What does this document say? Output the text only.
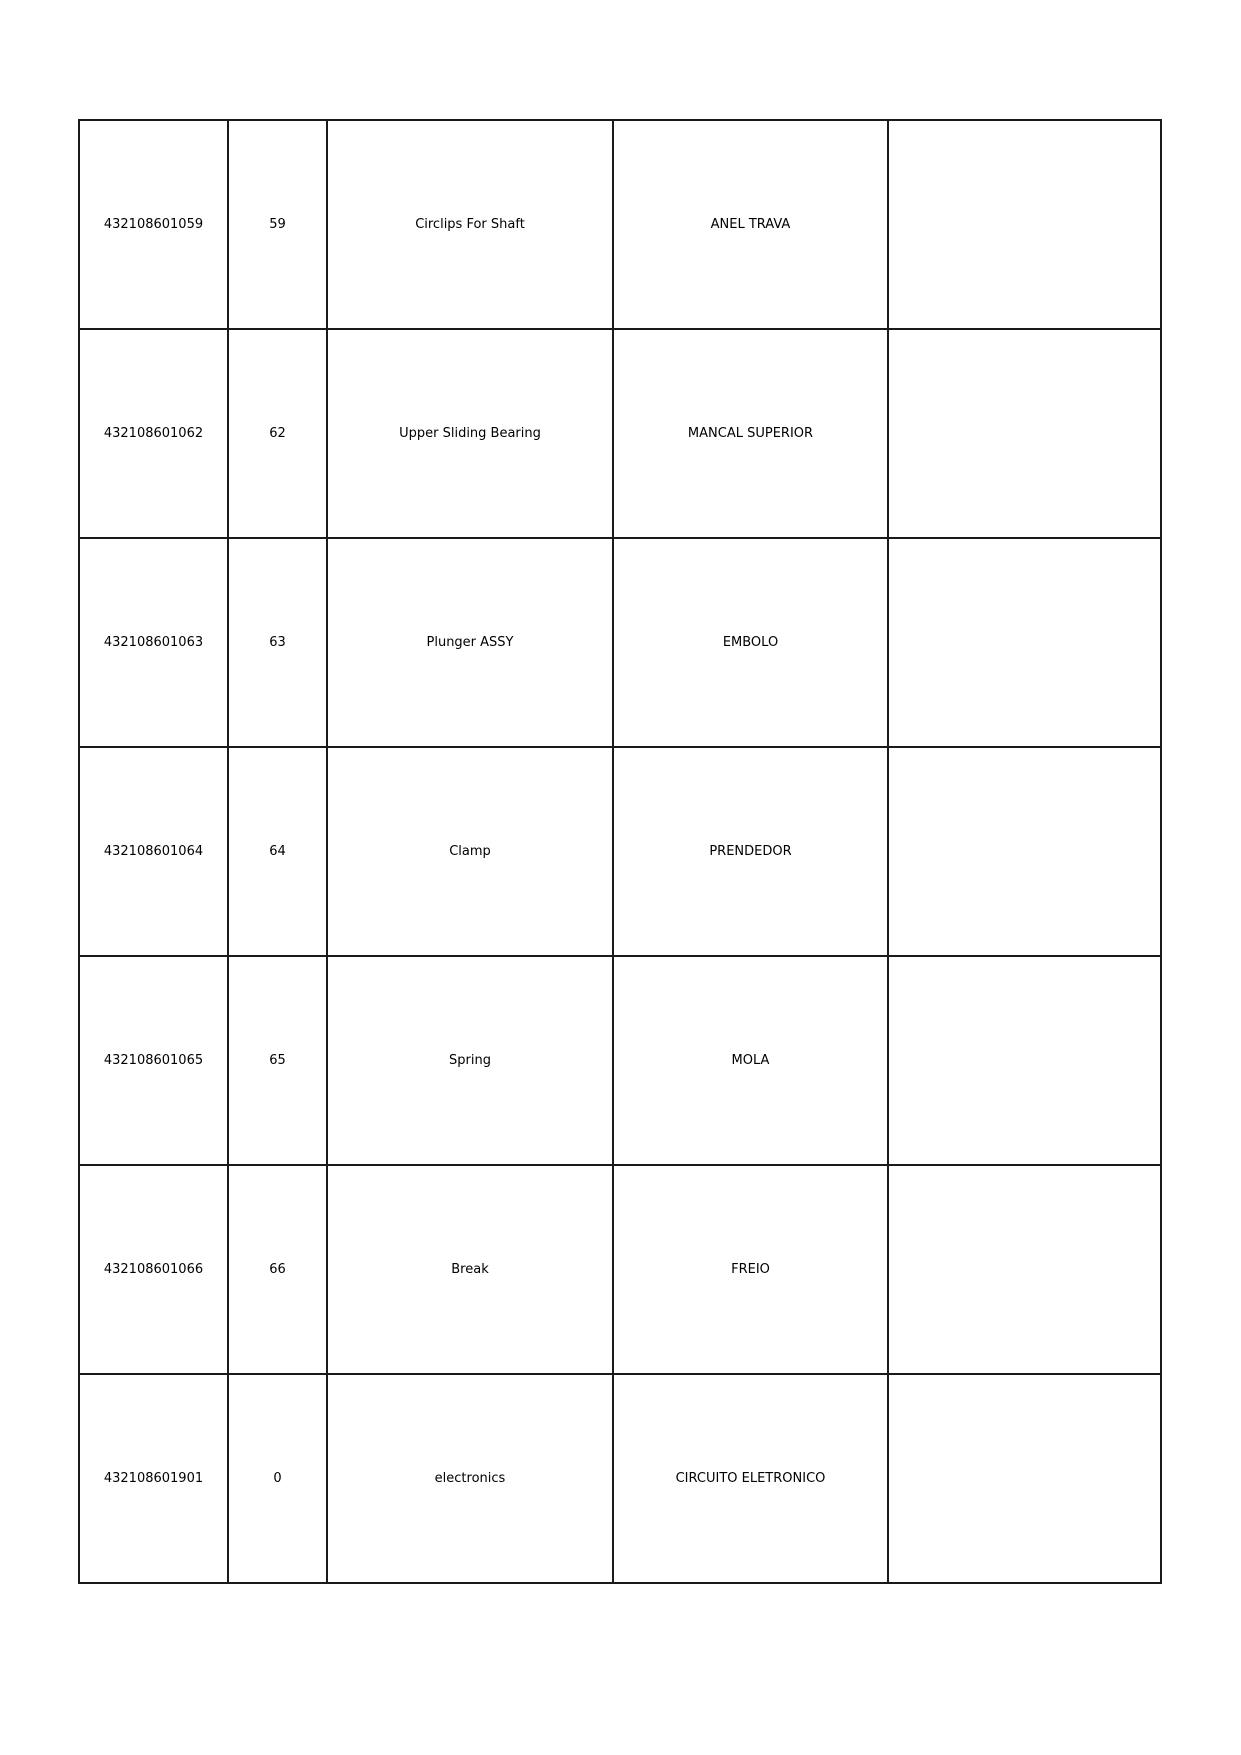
432108601059	59	Circlips For Shaft	ANEL TRAVA	
432108601062	62	Upper Sliding Bearing	MANCAL SUPERIOR	
432108601063	63	Plunger ASSY	EMBOLO	
432108601064	64	Clamp	PRENDEDOR	
432108601065	65	Spring	MOLA	
432108601066	66	Break	FREIO	
432108601901	0	electronics	CIRCUITO ELETRONICO	
